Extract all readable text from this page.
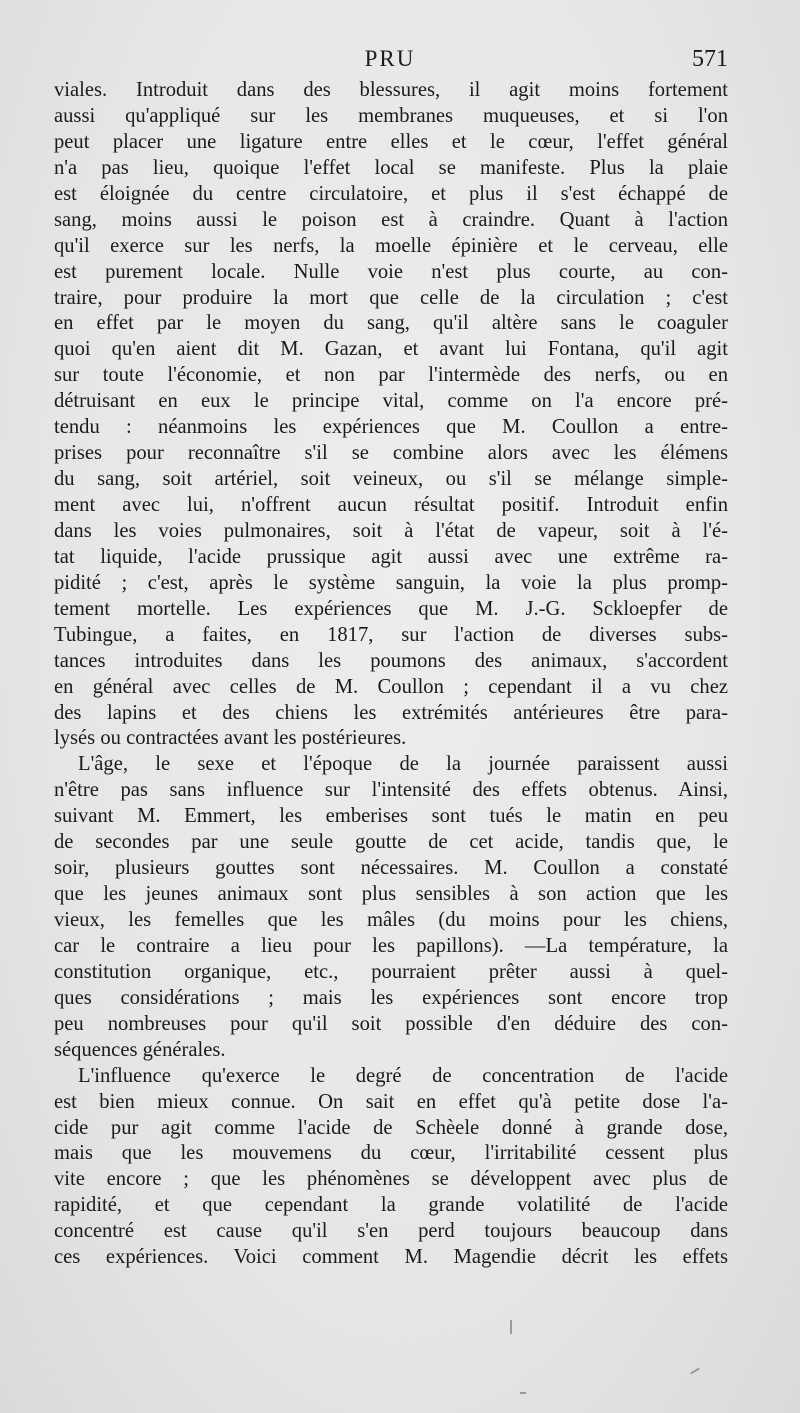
PRU	571
viales. Introduit dans des blessures, il agit moins fortement
aussi qu'appliqué sur les membranes muqueuses, et si l'on
peut placer une ligature entre elles et le cœur, l'effet général
n'a pas lieu, quoique l'effet local se manifeste. Plus la plaie
est éloignée du centre circulatoire, et plus il s'est échappé de
sang, moins aussi le poison est à craindre. Quant à l'action
qu'il exerce sur les nerfs, la moelle épinière et le cerveau, elle
est purement locale. Nulle voie n'est plus courte, au con-
traire, pour produire la mort que celle de la circulation ; c'est
en effet par le moyen du sang, qu'il altère sans le coaguler
quoi qu'en aient dit M. Gazan, et avant lui Fontana, qu'il agit
sur toute l'économie, et non par l'intermède des nerfs, ou en
détruisant en eux le principe vital, comme on l'a encore pré-
tendu : néanmoins les expériences que M. Coullon a entre-
prises pour reconnaître s'il se combine alors avec les élémens
du sang, soit artériel, soit veineux, ou s'il se mélange simple-
ment avec lui, n'offrent aucun résultat positif. Introduit enfin
dans les voies pulmonaires, soit à l'état de vapeur, soit à l'é-
tat liquide, l'acide prussique agit aussi avec une extrême ra-
pidité ; c'est, après le système sanguin, la voie la plus promp-
tement mortelle. Les expériences que M. J.-G. Sckloepfer de
Tubingue, a faites, en 1817, sur l'action de diverses subs-
tances introduites dans les poumons des animaux, s'accordent
en général avec celles de M. Coullon ; cependant il a vu chez
des lapins et des chiens les extrémités antérieures être para-
lysés ou contractées avant les postérieures.
L'âge, le sexe et l'époque de la journée paraissent aussi
n'être pas sans influence sur l'intensité des effets obtenus. Ainsi,
suivant M. Emmert, les emberises sont tués le matin en peu
de secondes par une seule goutte de cet acide, tandis que, le
soir, plusieurs gouttes sont nécessaires. M. Coullon a constaté
que les jeunes animaux sont plus sensibles à son action que les
vieux, les femelles que les mâles (du moins pour les chiens,
car le contraire a lieu pour les papillons). —La température, la
constitution organique, etc., pourraient prêter aussi à quel-
ques considérations ; mais les expériences sont encore trop
peu nombreuses pour qu'il soit possible d'en déduire des con-
séquences générales.
L'influence qu'exerce le degré de concentration de l'acide
est bien mieux connue. On sait en effet qu'à petite dose l'a-
cide pur agit comme l'acide de Schèele donné à grande dose,
mais que les mouvemens du cœur, l'irritabilité cessent plus
vite encore ; que les phénomènes se développent avec plus de
rapidité, et que cependant la grande volatilité de l'acide
concentré est cause qu'il s'en perd toujours beaucoup dans
ces expériences. Voici comment M. Magendie décrit les effets
